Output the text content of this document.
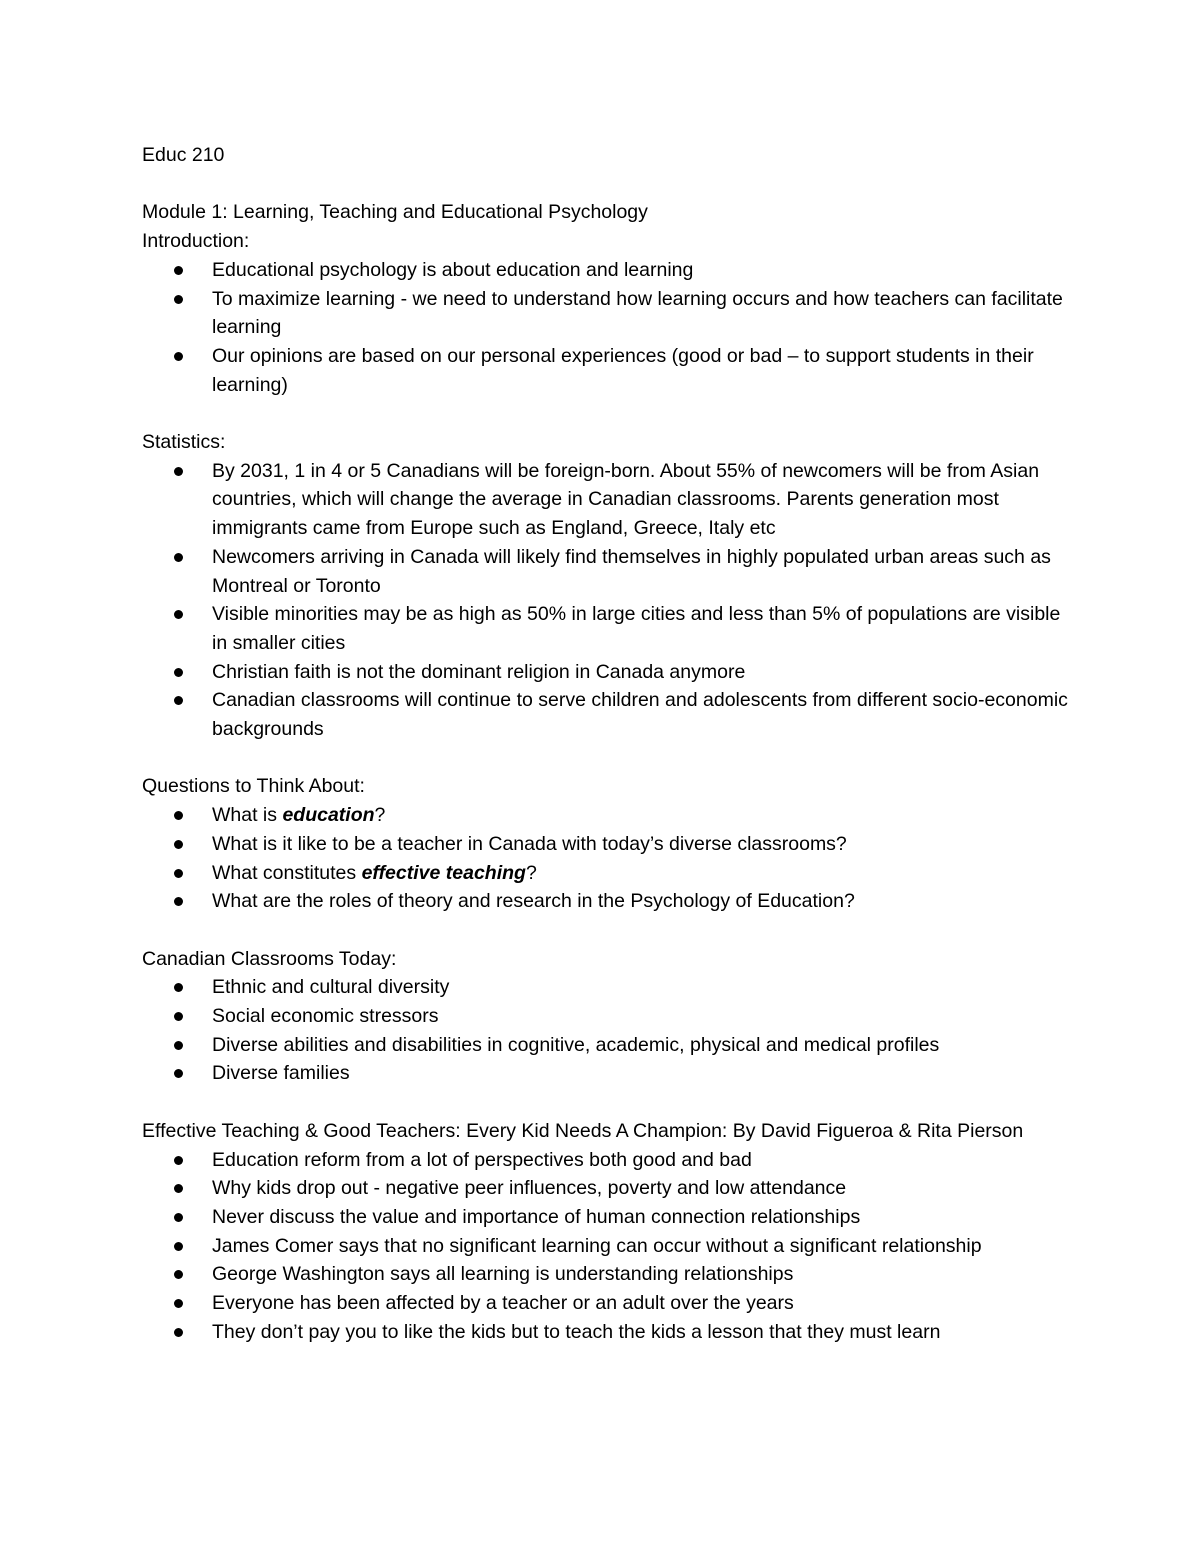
Educ 210

Module 1: Learning, Teaching and Educational Psychology

Introduction:

Educational psychology is about education and learning
To maximize learning - we need to understand how learning occurs and how teachers can facilitate learning
Our opinions are based on our personal experiences (good or bad – to support students in their learning)

Statistics:

By 2031, 1 in 4 or 5 Canadians will be foreign-born. About 55% of newcomers will be from Asian countries, which will change the average in Canadian classrooms. Parents generation most immigrants came from Europe such as England, Greece, Italy etc
Newcomers arriving in Canada will likely find themselves in highly populated urban areas such as Montreal or Toronto
Visible minorities may be as high as 50% in large cities and less than 5% of populations are visible in smaller cities
Christian faith is not the dominant religion in Canada anymore
Canadian classrooms will continue to serve children and adolescents from different socio-economic backgrounds

Questions to Think About:

What is education?
What is it like to be a teacher in Canada with today’s diverse classrooms?
What constitutes effective teaching?
What are the roles of theory and research in the Psychology of Education?

Canadian Classrooms Today:

Ethnic and cultural diversity
Social economic stressors
Diverse abilities and disabilities in cognitive, academic, physical and medical profiles
Diverse families

Effective Teaching & Good Teachers: Every Kid Needs A Champion: By David Figueroa & Rita Pierson

Education reform from a lot of perspectives both good and bad
Why kids drop out - negative peer influences, poverty and low attendance
Never discuss the value and importance of human connection relationships
James Comer says that no significant learning can occur without a significant relationship
George Washington says all learning is understanding relationships
Everyone has been affected by a teacher or an adult over the years
They don’t pay you to like the kids but to teach the kids a lesson that they must learn
